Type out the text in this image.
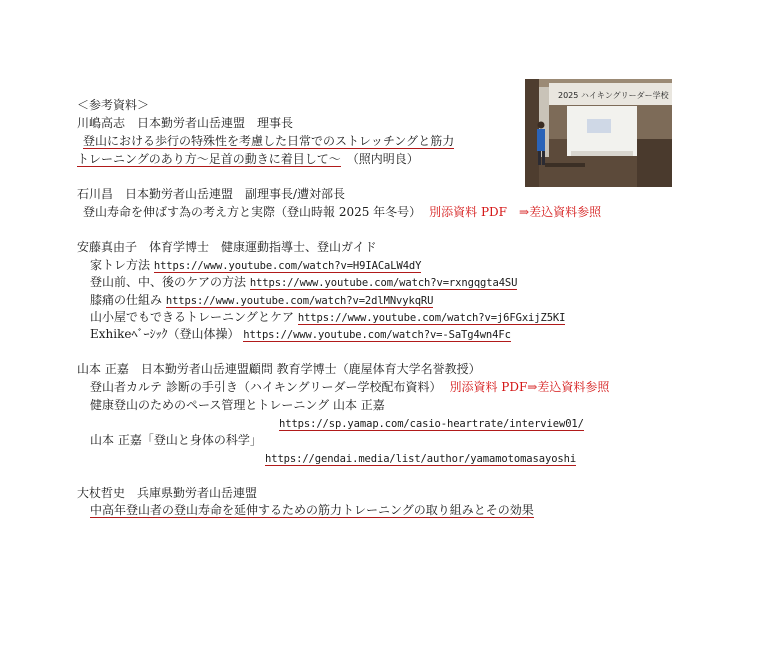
2025 ハイキングリーダー学校
＜参考資料＞
川嶋高志　日本勤労者山岳連盟　理事長
登山における歩行の特殊性を考慮した日常でのストレッチングと筋力
トレーニングのあり方～足首の動きに着目して～ （照内明良）
石川昌　日本勤労者山岳連盟　副理事長/遭対部長
登山寿命を伸ばす為の考え方と実際（登山時報 2025 年冬号） 別添資料 PDF　⇒差込資料参照
安藤真由子　体育学博士　健康運動指導士、登山ガイド
家トレ方法 https://www.youtube.com/watch?v=H9IACaLW4dY
登山前、中、後のケアの方法 https://www.youtube.com/watch?v=rxngqgta4SU
膝痛の仕組み https://www.youtube.com/watch?v=2dlMNvykqRU
山小屋でもできるトレーニングとケア https://www.youtube.com/watch?v=j6FGxijZ5KI
Exhikeﾍﾞｰｼｯｸ（登山体操） https://www.youtube.com/watch?v=-SaTg4wn4Fc
山本 正嘉　日本勤労者山岳連盟顧問 教育学博士（鹿屋体育大学名誉教授）
登山者カルテ 診断の手引き（ハイキングリーダー学校配布資料） 別添資料 PDF⇒差込資料参照
健康登山のためのペース管理とトレーニング 山本 正嘉
https://sp.yamap.com/casio-heartrate/interview01/
山本 正嘉「登山と身体の科学」
https://gendai.media/list/author/yamamotomasayoshi
大杖哲史　兵庫県勤労者山岳連盟
中高年登山者の登山寿命を延伸するための筋力トレーニングの取り組みとその効果
